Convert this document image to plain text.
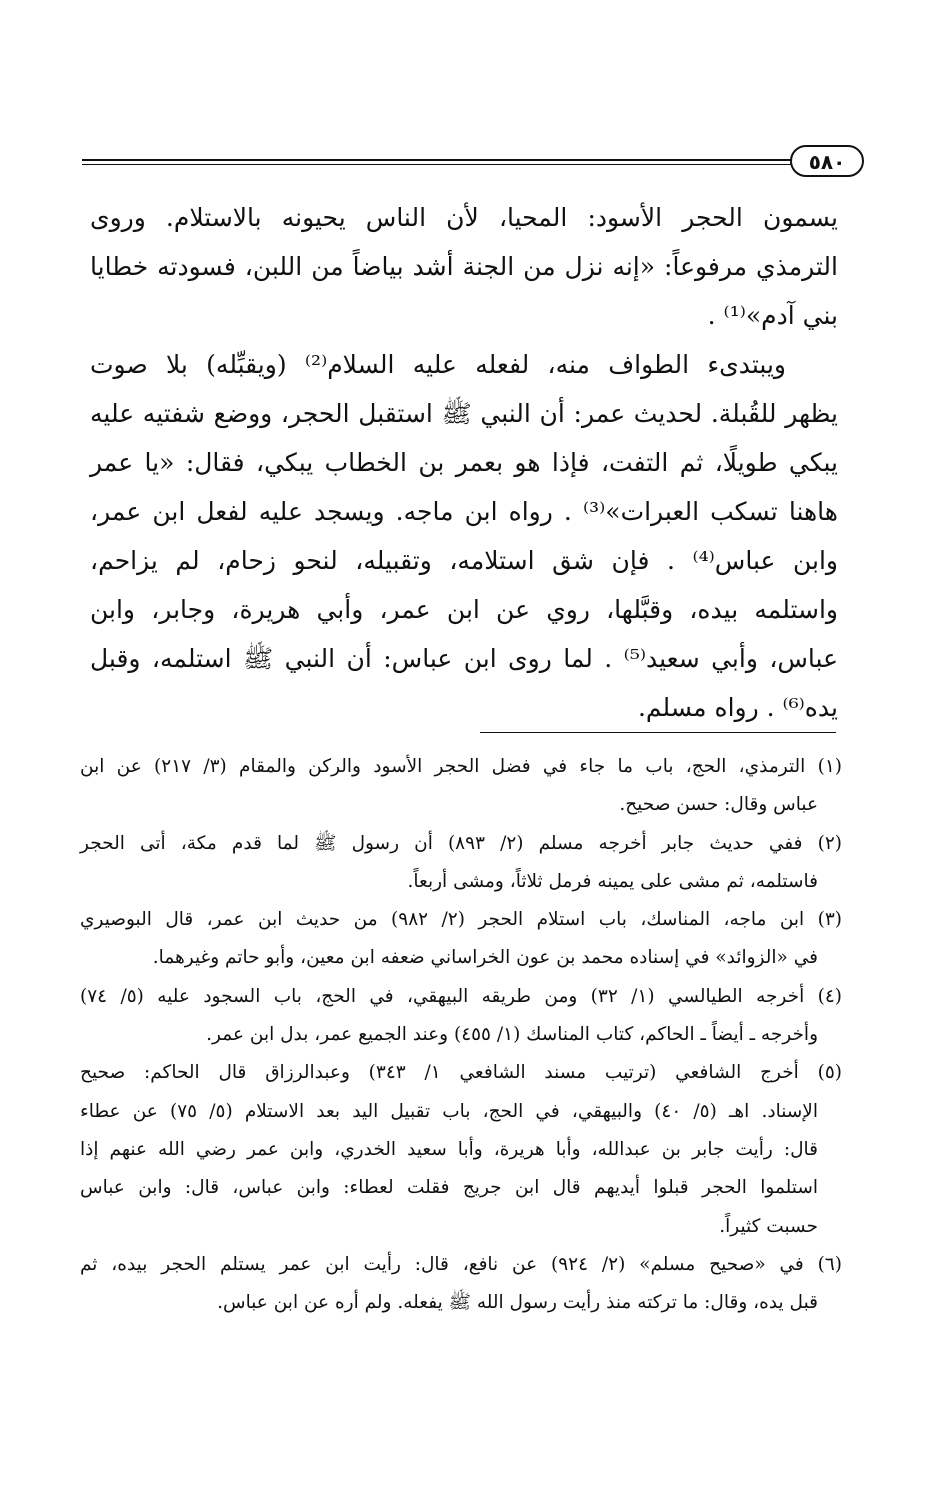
٥٨٠
يسمون الحجر الأسود: المحيا، لأن الناس يحيونه بالاستلام. وروى
الترمذي مرفوعاً: «إنه نزل من الجنة أشد بياضاً من اللبن، فسودته خطايا
بني آدم»⁽¹⁾ .
ويبتدىء الطواف منه، لفعله عليه السلام⁽²⁾ (ويقبِّله) بلا صوت
يظهر للقُبلة. لحديث عمر: أن النبي ﷺ استقبل الحجر، ووضع شفتيه عليه
يبكي طويلًا، ثم التفت، فإذا هو بعمر بن الخطاب يبكي، فقال: «يا عمر
هاهنا تسكب العبرات»⁽³⁾ . رواه ابن ماجه. ويسجد عليه لفعل ابن عمر،
وابن عباس⁽⁴⁾ . فإن شق استلامه، وتقبيله، لنحو زحام، لم يزاحم،
واستلمه بيده، وقبَّلها، روي عن ابن عمر، وأبي هريرة، وجابر، وابن
عباس، وأبي سعيد⁽⁵⁾ . لما روى ابن عباس: أن النبي ﷺ استلمه، وقبل
يده⁽⁶⁾ . رواه مسلم.
(١) الترمذي، الحج، باب ما جاء في فضل الحجر الأسود والركن والمقام (٣/ ٢١٧) عن ابن
عباس وقال: حسن صحيح.
(٢) ففي حديث جابر أخرجه مسلم (٢/ ٨٩٣) أن رسول ﷺ لما قدم مكة، أتى الحجر
فاستلمه، ثم مشى على يمينه فرمل ثلاثاً، ومشى أربعاً.
(٣) ابن ماجه، المناسك، باب استلام الحجر (٢/ ٩٨٢) من حديث ابن عمر، قال البوصيري
في «الزوائد» في إسناده محمد بن عون الخراساني ضعفه ابن معين، وأبو حاتم وغيرهما.
(٤) أخرجه الطيالسي (١/ ٣٢) ومن طريقه البيهقي، في الحج، باب السجود عليه (٥/ ٧٤)
وأخرجه ـ أيضاً ـ الحاكم، كتاب المناسك (١/ ٤٥٥) وعند الجميع عمر، بدل ابن عمر.
(٥) أخرج الشافعي (ترتيب مسند الشافعي ١/ ٣٤٣) وعبدالرزاق قال الحاكم: صحيح
الإسناد. اهـ (٥/ ٤٠) والبيهقي، في الحج، باب تقبيل اليد بعد الاستلام (٥/ ٧٥) عن عطاء
قال: رأيت جابر بن عبدالله، وأبا هريرة، وأبا سعيد الخدري، وابن عمر رضي الله عنهم إذا
استلموا الحجر قبلوا أيديهم قال ابن جريج فقلت لعطاء: وابن عباس، قال: وابن عباس
حسبت كثيراً.
(٦) في «صحيح مسلم» (٢/ ٩٢٤) عن نافع، قال: رأيت ابن عمر يستلم الحجر بيده، ثم
قبل يده، وقال: ما تركته منذ رأيت رسول الله ﷺ يفعله. ولم أره عن ابن عباس.
